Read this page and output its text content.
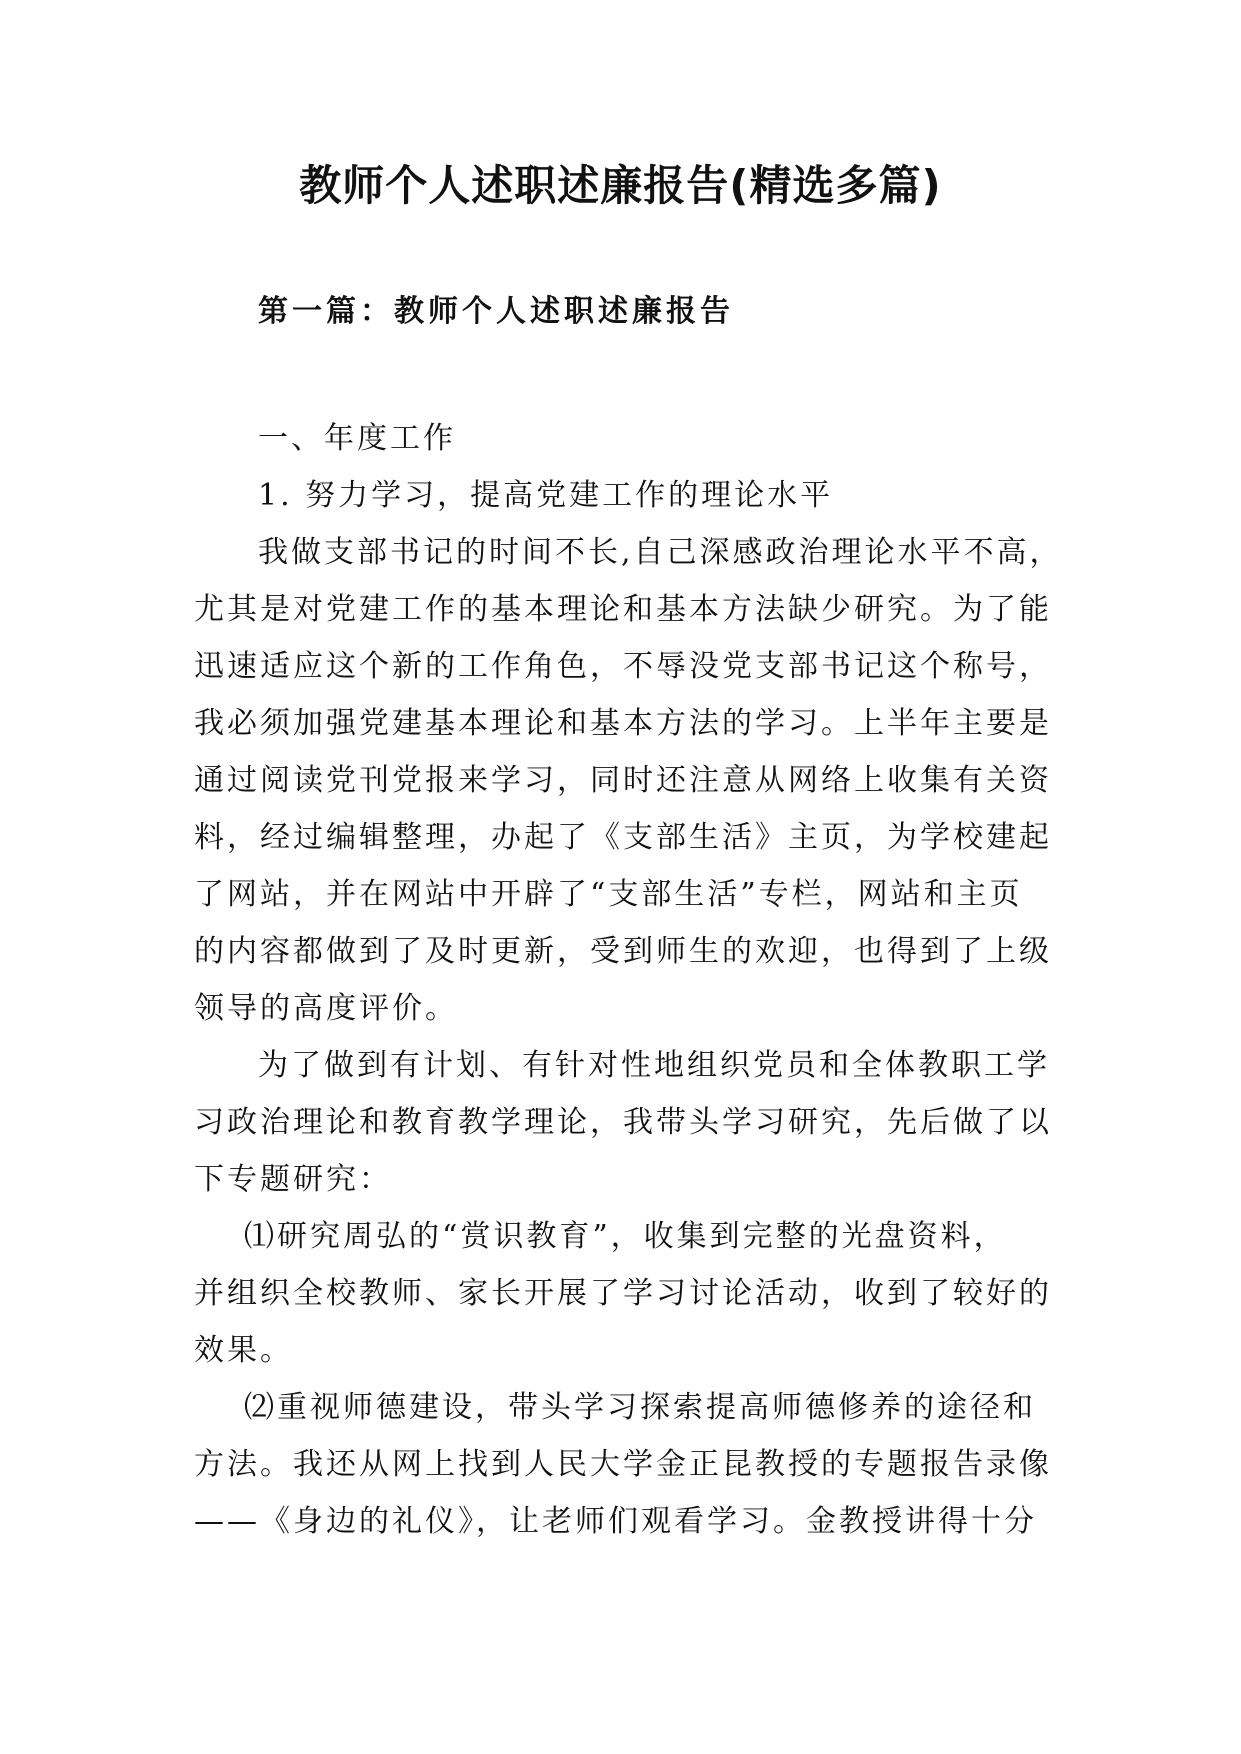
教师个人述职述廉报告(精选多篇)
第一篇：教师个人述职述廉报告
一、年度工作
1. 努力学习，提高党建工作的理论水平
我做支部书记的时间不长,自己深感政治理论水平不高，
尤其是对党建工作的基本理论和基本方法缺少研究。为了能
迅速适应这个新的工作角色，不辱没党支部书记这个称号，
我必须加强党建基本理论和基本方法的学习。上半年主要是
通过阅读党刊党报来学习，同时还注意从网络上收集有关资
料，经过编辑整理，办起了《支部生活》主页，为学校建起
了网站，并在网站中开辟了“支部生活”专栏，网站和主页
的内容都做到了及时更新，受到师生的欢迎，也得到了上级
领导的高度评价。
为了做到有计划、有针对性地组织党员和全体教职工学
习政治理论和教育教学理论，我带头学习研究，先后做了以
下专题研究：
⑴研究周弘的“赏识教育”，收集到完整的光盘资料，
并组织全校教师、家长开展了学习讨论活动，收到了较好的
效果。
⑵重视师德建设，带头学习探索提高师德修养的途径和
方法。我还从网上找到人民大学金正昆教授的专题报告录像
——《身边的礼仪》，让老师们观看学习。金教授讲得十分
